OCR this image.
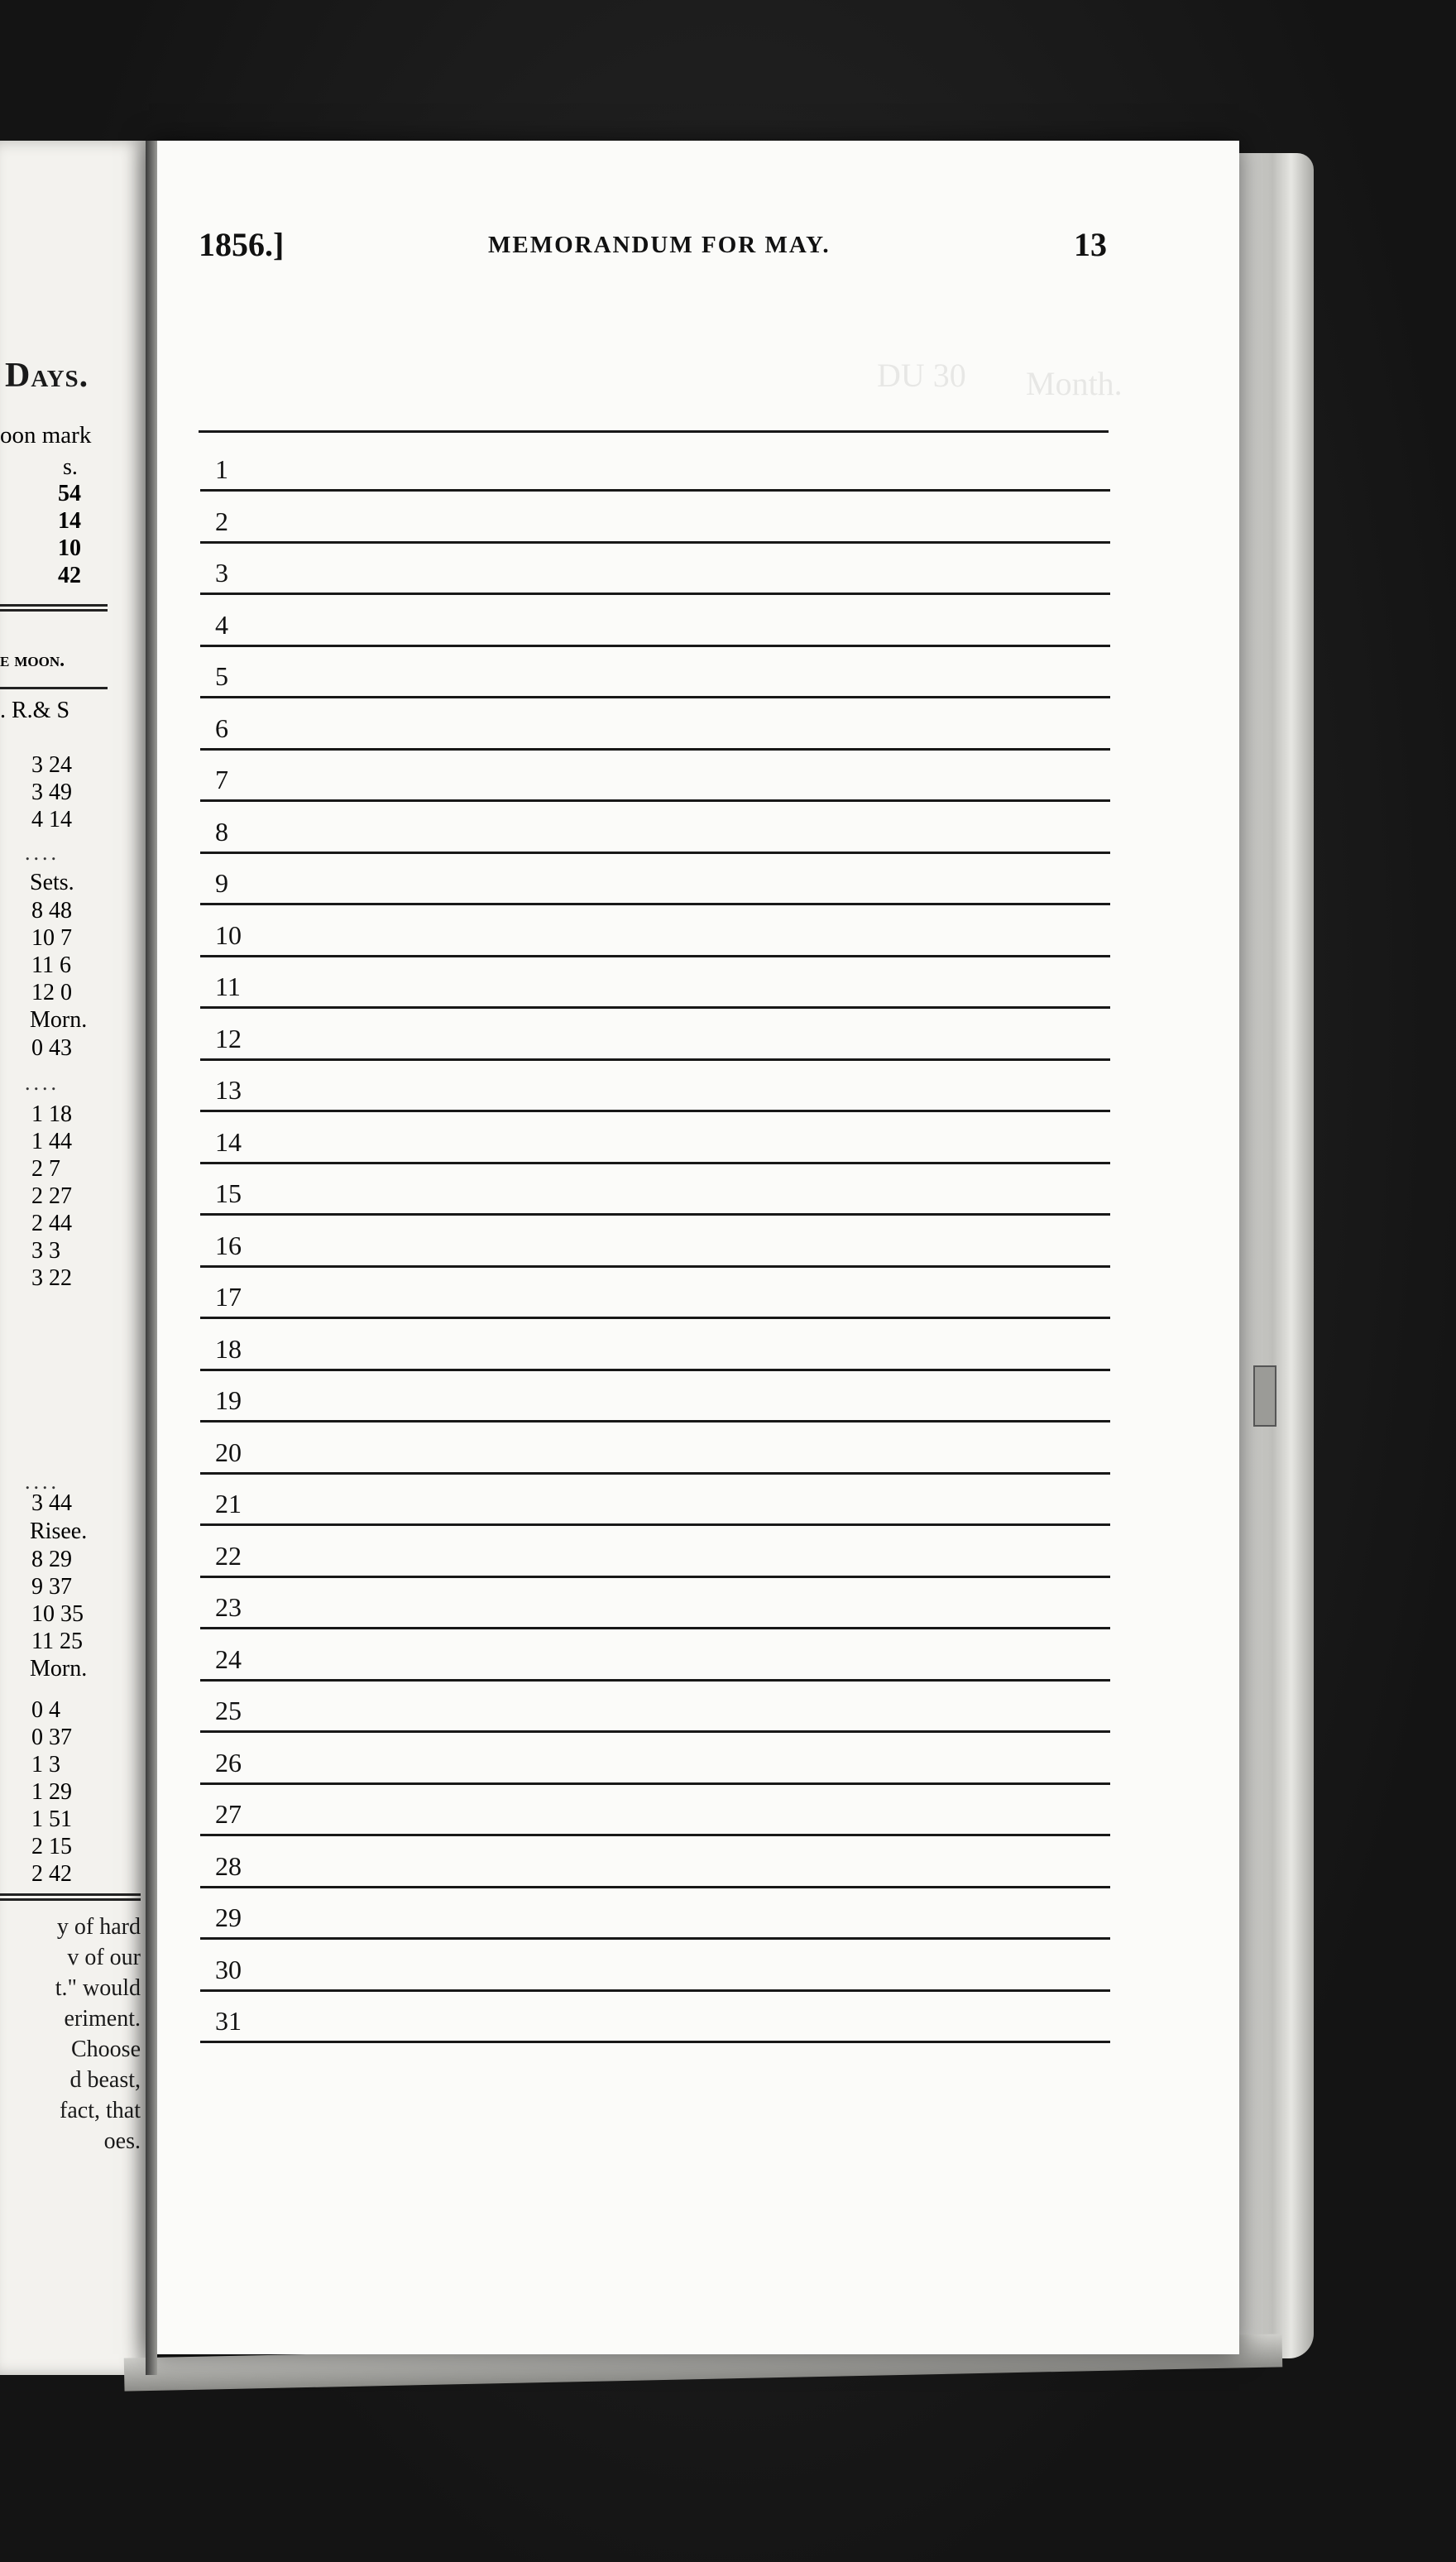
Days.
oon mark
s.
54
14
10
42
e moon.
. R.& S
3 24
3 49
4 14
....
Sets.
8 48
10 7
11 6
12 0
Morn.
0 43
....
1 18
1 44
2 7
2 27
2 44
3 3
3 22
....
3 44
Risee.
8 29
9 37
10 35
11 25
Morn.
0 4
0 37
1 3
1 29
1 51
2 15
2 42
y of hard
v of our
t." would
eriment.
Choose
d beast,
fact, that
oes.
DU 30 Month.
1856.]	MEMORANDUM FOR MAY.	13
1
2
3
4
5
6
7
8
9
10
11
12
13
14
15
16
17
18
19
20
21
22
23
24
25
26
27
28
29
30
31
